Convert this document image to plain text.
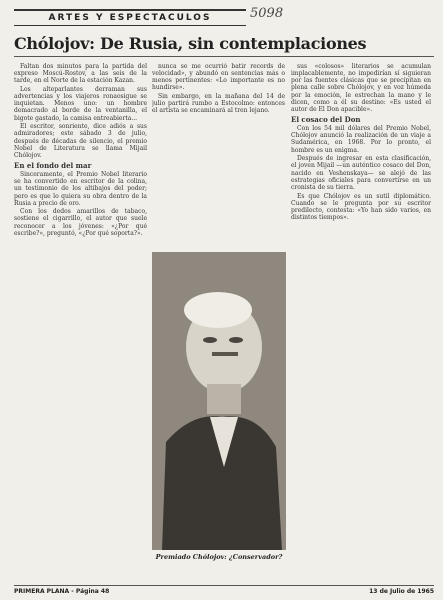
ARTES Y ESPECTACULOS	5098
Chólojov: De Rusia, sin contemplaciones

Faltan dos minutos para la partida del expreso Moscú-Rostov, a las seis de la tarde, en el Norte de la estación Kazan.

Los alteparlantes derraman sus advertencias y los viajeros ronaosigue se inquietan. Menos uno: un hombre demacrado al borde de la ventanilla, el bigote gastado, la camisa entreabierta...

El escritor, sonriente, dice adiós a sus admiradores; este sábado 3 de julio, después de décadas de silencio, el premio Nobel de Literatura se llama Mijail Chólojov.

En el fondo del mar

Sinceramente, el Premio Nobel literario se ha convertido en escritor de la colina, un testimonio de los altibajos del poder; pero es que lo quiera su obra dentro de la Rusia a precio de oro.

Con los dedos amarillos de tabaco, sostiene el cigarrillo, el autor que suele reconocer a los jóvenes: «¿Por qué escribe?», preguntó, «¿Por qué soporta?».

nunca se me ocurrió batir records de velocidad», y abundó en sentencias más o menos pertinentes: «Lo importante es no hundirse».

Sin embargo, en la mañana del 14 de julio partirá rumbo a Estocolmo: entonces el artista se encaminará al tren lejano.

Premiado Chólojov: ¿Conservador?

sus «colosos» literarios se acumulan implacablemente, no impedirían sí siguieran por las fuentes clásicas que se precipitan en plena calle sobre Chólojov, y en voz húmeda por la emoción, le estrechan la mano y le dicen, como a él su destino: «Es usted el autor de El Don apacible».

El cosaco del Don

Con los 54 mil dólares del Premio Nobel, Chólojov anunció la realización de un viaje a Sudamérica, en 1968. Por lo pronto, el hombre es un enigma.

Después de ingresar en esta clasificación, el joven Mijail —un auténtico cosaco del Don, nacido en Veshenskaya— se alejó de las estrategias oficiales para convertirse en un cronista de su tierra.

Es que Chólojov es un sutil diplomático. Cuando se le pregunta por su escritor predilecto, contesta: «Yo han sido varios, en distintos tiempos».

PRIMERA PLANA - Página 48	13 de Julio de 1965
